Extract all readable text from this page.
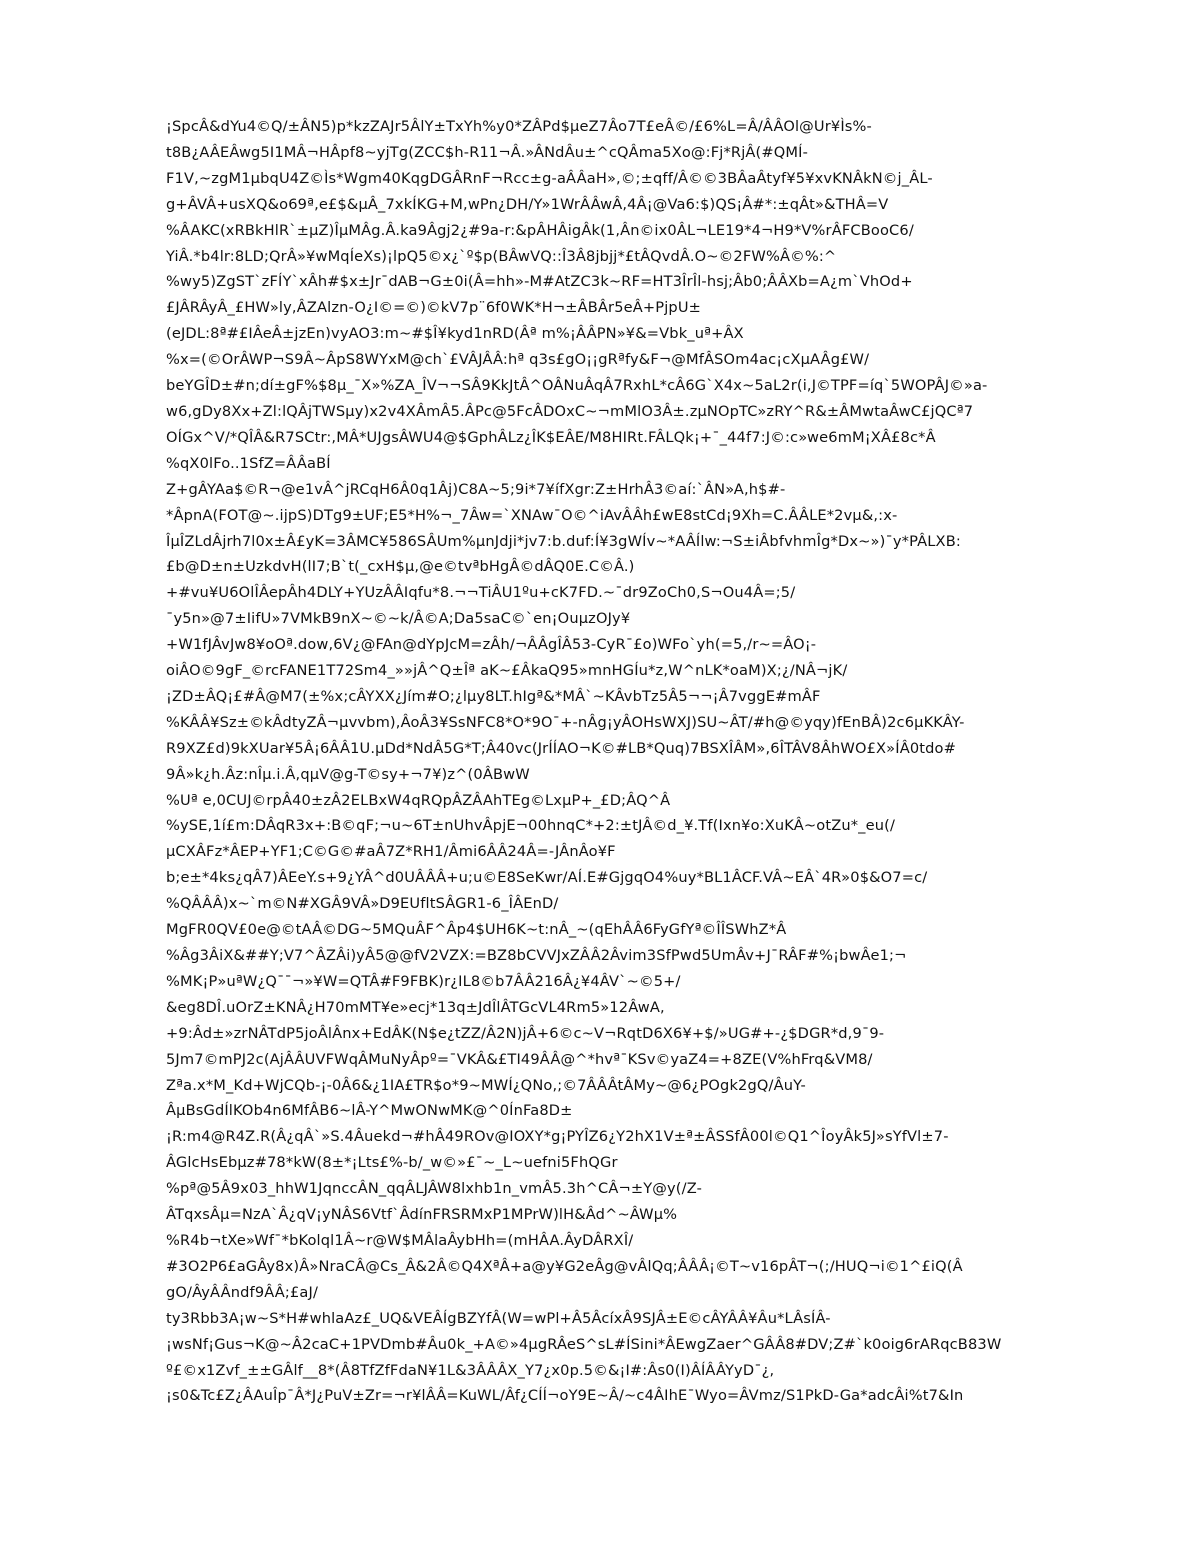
¡SpcÂ&dYu4©Q/±ÂN5)p*kzZAJr5ÂlY±TxYh%y0*ZÂPd$µeZ7Âo7T£eÂ©/£6%L=Â/ÂÂOl@Ur¥Ìs%-
t8B¿AÂEÂwg5I1MÂ¬HÂpf8~yjTg(ZCC$h-R11¬Â.»ÂNdÂu±^cQÂma5Xo@:Fj*RjÂ(#QMÍ-
F1V,~zgM1µbqU4Z©Ìs*Wgm40KqgDGÂRnF¬Rcc±g-aÂÂaH»,©;±qff/Â©©3BÂaÂtyf¥5¥xvKNÂkN©j_ÂL-
g+ÂVÂ+usXQ&o69ª,e£$&µÂ_7xkÍKG+M,wPn¿DH/Y»1WrÂÂwÂ,4Â¡@Va6:$)QS¡Â#*:±qÂt»&THÂ=V
%ÂAKC(xRBkHlR`±µZ)ÎµMÂg.Â.ka9Âgj2¿#9a-r:&pÂHÂigÂk(1,Ân©ix0ÂL¬LE19*4¬H9*V%rÂFCBooC6/
YiÂ.*b4lr:8LD;QrÂ»¥wMqÍeXs)¡lpQ5©x¿`º$p(BÂwVQ::Î3Â8jbjj*£tÂQvdÂ.O~©2FW%Â©%:^
%wy5)ZgST`zFÍY`xÂh#$x±Jr¯dAB¬G±0i(Â=hh»-M#AtZC3k~RF=HT3ÎrÎl-hsj;Âb0;ÂÂXb=A¿m`VhOd+
£JÂRÂyÂ_£HW»ly,ÂZAlzn-O¿I©=©)©kV7p¨6f0WK*H¬±ÂBÂr5eÂ+PjpU±
(eJDL:8ª#£IÂeÂ±jzEn)vyAO3:m~#$Î¥kyd1nRD(Âª m%¡ÂÂPN»¥&=Vbk_uª+ÂX
%x=(©OrÂWP¬S9Â~ÂpS8WYxM@ch`£VÂJÂÂ:hª q3s£gO¡¡gRªfy&F¬@MfÂSOm4ac¡cXµAÂg£W/
beYGÎD±#n;dí±gF%$8µ_¯X»%ZA_ÎV¬¬SÂ9KkJtÂ^OÂNuÂqÂ7RxhL*cÂ6G`X4x~5aL2r(i,J©TPF=íq`5WOPÂJ©»a-
w6,gDy8Xx+Zl:lQÂjTWSµy)x2v4XÂmÂ5.ÂPc@5FcÂDOxC~¬mMlO3Â±.zµNOpTC»zRY^R&±ÂMwtaÂwC£jQCª7
OÍGx^V/*QÎÂ&R7SCtr:,MÂ*UJgsÂWU4@$GphÂLz¿ÎK$EÂE/M8HIRt.FÂLQk¡+¯_44f7:J©:c»we6mM¡XÂ£8c*Â
%qX0lFo..1SfZ=ÂÂaBÍ
Z+gÂYAa$©R¬@e1vÂ^jRCqH6Â0q1Âj)C8A~5;9i*7¥ífXgr:Z±HrhÂ3©aí:`ÂN»A,h$#-
*ÂpnA(FOT@~.ijpS)DTg9±UF;E5*H%¬_7Âw=`XNAw¯O©^iAvÂÂh£wE8stCd¡9Xh=C.ÂÂLE*2vµ&,:x-
ÎµÎZLdÂjrh7l0x±Â£yK=3ÂMC¥586SÂUm%µnJdji*jv7:b.duf:Í¥3gWÍv~*AÂÍlw:¬S±iÂbfvhmÎg*Dx~»)¯y*PÂLXB:
£b@D±n±UzkdvH(lI7;B`t(_cxH$µ,@e©tvªbHgÂ©dÂQ0E.C©Â.)
+#vu¥U6OlÎÂepÂh4DLY+YUzÂÂIqfu*8.¬¬TiÂU1ºu+cK7FD.~¯dr9ZoCh0,S¬Ou4Â=;5/
¯y5n»@7±IifU»7VMkB9nX~©~k/Â©A;Da5saC©`en¡OuµzOJy¥
+W1fJÂvJw8¥oOª.dow,6V¿@FAn@dYpJcM=zÂh/¬ÂÂgÎÂ53-CyR¯£o)WFo`yh(=5,/r~=ÂO¡-
oiÂO©9gF_©rcFANE1T72Sm4_»»jÂ^Q±Îª aK~£ÂkaQ95»mnHGÍu*z,W^nLK*oaM)X;¿/NÂ¬jK/
¡ZD±ÂQ¡£#Â@M7(±%x;cÂYXX¿Jím#O;¿lµy8LT.hIgª&*MÂ`~KÂvbTz5Â5¬¬¡Â7vggE#mÂF
%KÂÂ¥Sz±©kÂdtyZÂ¬µvvbm),ÂoÂ3¥SsNFC8*O*9O¯+-nÂg¡yÂOHsWXJ)SU~ÂT/#h@©yqy)fEnBÂ)2c6µKKÂY-
R9XZ£d)9kXUar¥5Â¡6ÂÂ1U.µDd*NdÂ5G*T;Â40vc(JrÍÍAO¬K©#LB*Quq)7BSXÎÂM»,6ÎTÂV8ÂhWO£X»ÍÂ0tdo#
9Â»k¿h.Âz:nÎµ.i.Â,qµV@g-T©sy+¬7¥)z^(0ÂBwW
%Uª e,0CUJ©rpÂ40±zÂ2ELBxW4qRQpÂZÂAhTEg©LxµP+_£D;ÂQ^Â
%ySE,1í£m:DÂqR3x+:B©qF;¬u~6T±nUhvÂpjE¬00hnqC*+2:±tJÂ©d_¥.Tf(Ixn¥o:XuKÂ~otZu*_eu(/
µCXÂFz*ÂEP+YF1;C©G©#aÂ7Z*RH1/Âmi6ÂÂ24Â=-JÂnÂo¥F
b;e±*4ks¿qÂ7)ÂEeY.s+9¿YÂ^d0UÂÂÂ+u;u©E8SeKwr/AÍ.E#GjgqO4%uy*BL1ÂCF.VÂ~EÂ`4R»0$&O7=c/
%QÂÂÂ)x~`m©N#XGÂ9VÂ»D9EUfltSÂGR1-6_ÎÂEnD/
MgFR0QV£0e@©tAÂ©DG~5MQuÂF^Âp4$UH6K~t:nÂ_~(qEhÂÂ6FyGfYª©ÎÎSWhZ*Â
%Âg3ÂiX&##Y;V7^ÂZÂi)yÂ5@@fV2VZX:=BZ8bCVVJxZÂÂ2Âvim3SfPwd5UmÂv+J¯RÂF#%¡bwÂe1;¬
%MK¡P»uªW¿Q¯¯¬»¥W=QTÂ#F9FBK)r¿IL8©b7ÂÂ216Â¿¥4ÂV`~©5+/
&eg8DÎ.uOrZ±KNÂ¿H70mMT¥e»ecj*13q±JdÎlÂTGcVL4Rm5»12ÂwA,
+9:Âd±»zrNÂTdP5joÂlÂnx+EdÂK(N$e¿tZZ/Â2N)jÂ+6©c~V¬RqtD6X6¥+$/»UG#+-¿$DGR*d,9¯9-
5Jm7©mPJ2c(AjÂÂUVFWqÂMuNyÂpº=¯VKÂ&£TI49ÂÂ@^*hvª¯KSv©yaZ4=+8ZE(V%hFrq&VM8/
Zªa.x*M_Kd+WjCQb-¡-0Â6&¿1IA£TR$o*9~MWÍ¿QNo,;©7ÂÂÂtÂMy~@6¿POgk2gQ/ÂuY-
ÂµBsGdÍlKOb4n6MfÂB6~lÂ-Y^MwONwMK@^0ÍnFa8D±
¡R:m4@R4Z.R(Â¿qÂ`»S.4Âuekd¬#hÂ49ROv@IOXY*g¡PYÎZ6¿Y2hX1V±ª±ÂSSfÂ00l©Q1^ÎoyÂk5J»sYfVl±7-
ÂGlcHsEbµz#78*kW(8±*¡Lts£%-b/_w©»£¯~_L~uefni5FhQGr
%pª@5Â9x03_hhW1JqnccÂN_qqÂLJÂW8lxhb1n_vmÂ5.3h^CÂ¬±Y@y(/Z-
ÂTqxsÂµ=NzA`Â¿qV¡yNÂS6Vtf`ÂdínFRSRMxP1MPrW)lH&Âd^~ÂWµ%
%R4b¬tXe»Wf¯*bKolql1Â~r@W$MÂlaÂybHh=(mHÂA.ÂyDÂRXÎ/
#3O2P6£aGÂy8x)Â»NraCÂ@Cs_Â&2Â©Q4XªÂ+a@y¥G2eÂg@vÂlQq;ÂÂÂ¡©T~v16pÂT¬(;/HUQ¬i©1^£iQ(Â
gO/ÂyÂÂndf9ÂÂ;£aJ/
ty3Rbb3A¡w~S*H#whlaAz£_UQ&VEÂÍgBZYfÂ(W=wPl+Â5ÂcíxÂ9SJÂ±E©cÂYÂÂ¥Âu*LÂsÍÂ-
¡wsNf¡Gus¬K@~Â2caC+1PVDmb#Âu0k_+A©»4µgRÂeS^sL#ÍSini*ÂEwgZaer^GÂÂ8#DV;Z#`k0oig6rARqcB83W
º£©x1Zvf_±±GÂlf__8*(Â8TfZfFdaN¥1L&3ÂÂÂX_Y7¿x0p.5©&¡I#:Âs0(I)ÂÍÂÂYyD¯¿,
¡s0&Tc£Z¿ÂAuÎp¯Â*J¿PuV±Zr=¬r¥lÂÂ=KuWL/Âf¿CÍÍ¬oY9E~Â/~c4ÂIhE¯Wyo=ÂVmz/S1PkD-Ga*adcÂi%t7&In
